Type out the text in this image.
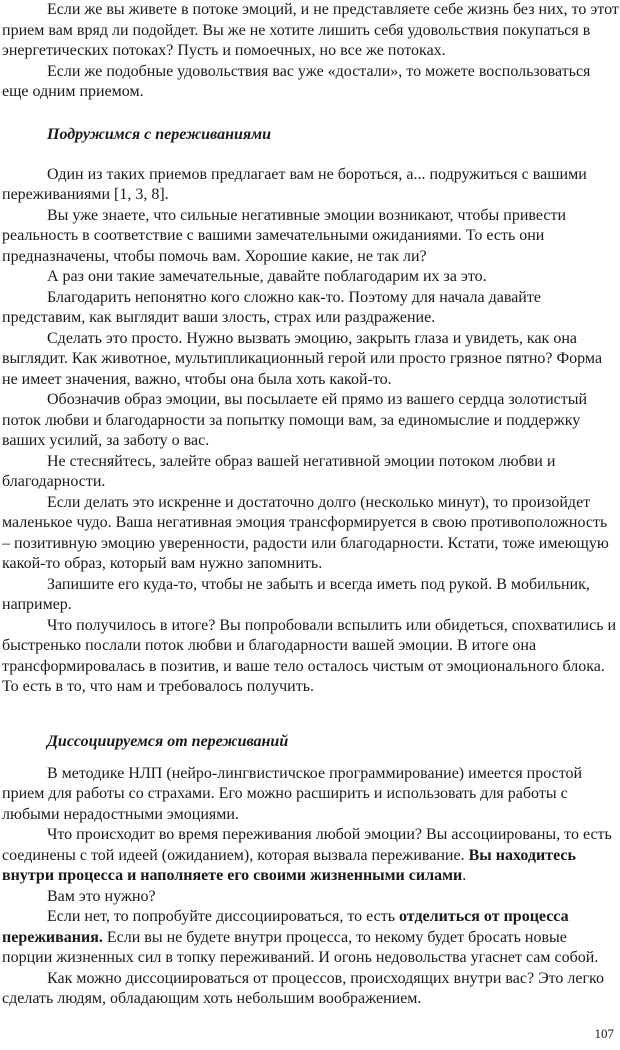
Если же вы живете в потоке эмоций, и не представляете себе жизнь без них, то этот прием вам вряд ли подойдет. Вы же не хотите лишить себя удовольствия покупаться в энергетических потоках? Пусть и помоечных, но все же потоках.

Если же подобные удовольствия вас уже «достали», то можете воспользоваться еще одним приемом.

Подружимся с переживаниями

Один из таких приемов предлагает вам не бороться, а... подружиться с вашими переживаниями [1, 3, 8].

Вы уже знаете, что сильные негативные эмоции возникают, чтобы привести реальность в соответствие с вашими замечательными ожиданиями. То есть они предназначены, чтобы помочь вам. Хорошие какие, не так ли?

А раз они такие замечательные, давайте поблагодарим их за это.

Благодарить непонятно кого сложно как-то. Поэтому для начала давайте представим, как выглядит ваши злость, страх или раздражение.

Сделать это просто. Нужно вызвать эмоцию, закрыть глаза и увидеть, как она выглядит. Как животное, мультипликационный герой или просто грязное пятно? Форма не имеет значения, важно, чтобы она была хоть какой-то.

Обозначив образ эмоции, вы посылаете ей прямо из вашего сердца золотистый поток любви и благодарности за попытку помощи вам, за единомыслие и поддержку ваших усилий, за заботу о вас.

Не стесняйтесь, залейте образ вашей негативной эмоции потоком любви и благодарности.

Если делать это искренне и достаточно долго (несколько минут), то произойдет маленькое чудо. Ваша негативная эмоция трансформируется в свою противоположность – позитивную эмоцию уверенности, радости или благодарности. Кстати, тоже имеющую какой-то образ, который вам нужно запомнить.

Запишите его куда-то, чтобы не забыть и всегда иметь под рукой. В мобильник, например.

Что получилось в итоге? Вы попробовали вспылить или обидеться, спохватились и быстренько послали поток любви и благодарности вашей эмоции. В итоге она трансформировалась в позитив, и ваше тело осталось чистым от эмоционального блока. То есть в то, что нам и требовалось получить.

Диссоциируемся от переживаний

В методике НЛП (нейро-лингвистичское программирование) имеется простой прием для работы со страхами. Его можно расширить и использовать для работы с любыми нерадостными эмоциями.

Что происходит во время переживания любой эмоции? Вы ассоциированы, то есть соединены с той идеей (ожиданием), которая вызвала переживание. Вы находитесь внутри процесса и наполняете его своими жизненными силами.

Вам это нужно?

Если нет, то попробуйте диссоциироваться, то есть отделиться от процесса переживания. Если вы не будете внутри процесса, то некому будет бросать новые порции жизненных сил в топку переживаний. И огонь недовольства угаснет сам собой.

Как можно диссоциироваться от процессов, происходящих внутри вас? Это легко сделать людям, обладающим хоть небольшим воображением.

107
